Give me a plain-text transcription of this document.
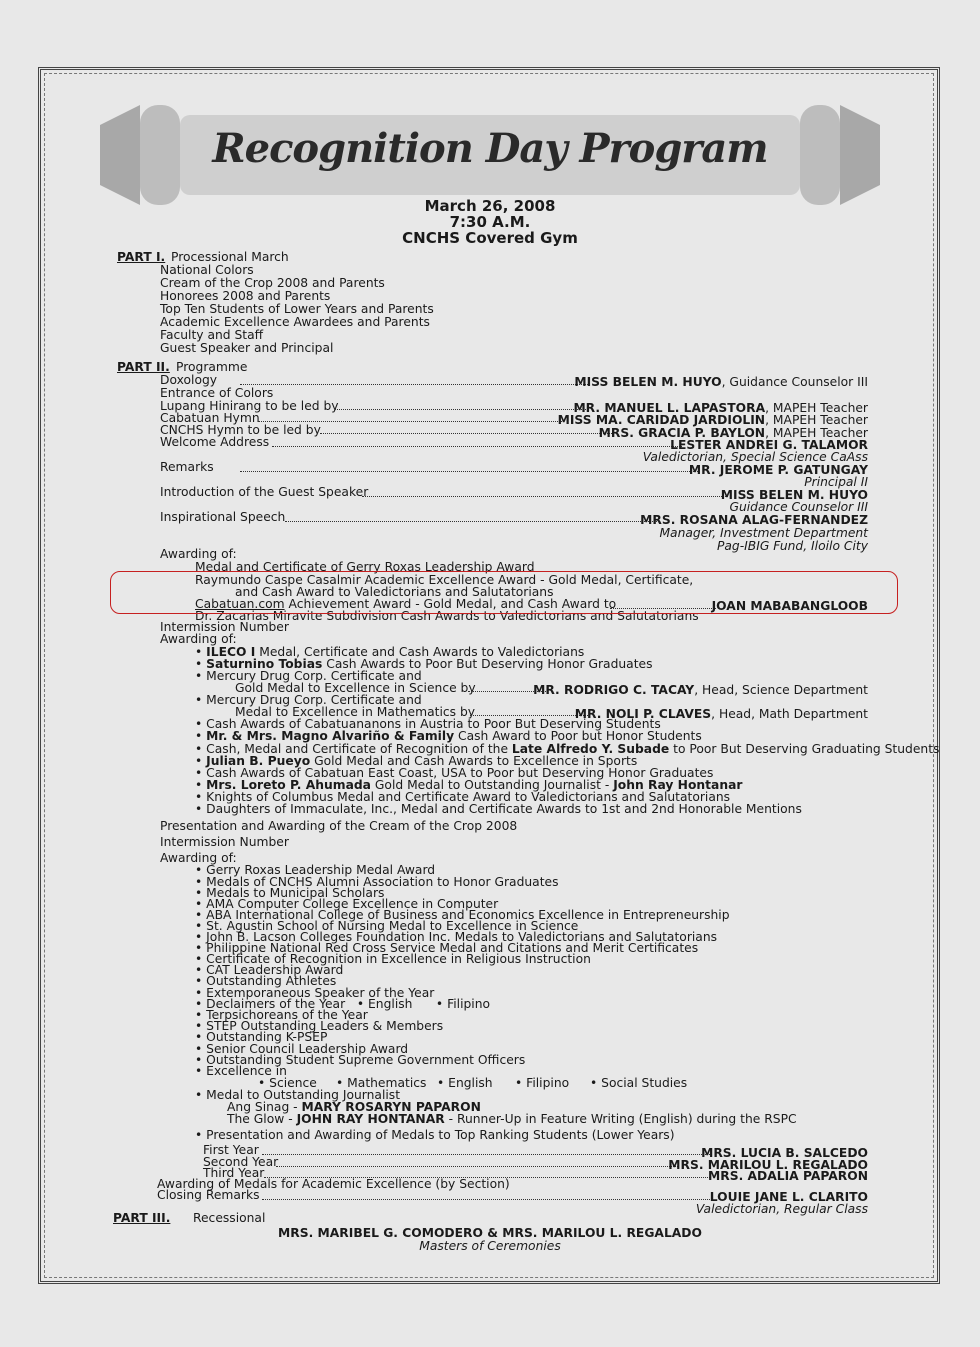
Recognition Day Program
March 26, 2008
7:30 A.M.
CNCHS Covered Gym
PART I. Processional March
National Colors
Cream of the Crop 2008 and Parents
Honorees 2008 and Parents
Top Ten Students of Lower Years and Parents
Academic Excellence Awardees and Parents
Faculty and Staff
Guest Speaker and Principal
PART II. Programme
Doxology	MISS BELEN M. HUYO, Guidance Counselor III
Entrance of Colors
Lupang Hinirang to be led by	MR. MANUEL L. LAPASTORA, MAPEH Teacher
Cabatuan Hymn	MISS MA. CARIDAD JARDIOLIN, MAPEH Teacher
CNCHS Hymn to be led by	MRS. GRACIA P. BAYLON, MAPEH Teacher
Welcome Address	LESTER ANDREI G. TALAMOR
Valedictorian, Special Science CaAss
Remarks	MR. JEROME P. GATUNGAY
Principal II
Introduction of the Guest Speaker	MISS BELEN M. HUYO
Guidance Counselor III
Inspirational Speech	MRS. ROSANA ALAG-FERNANDEZ
Manager, Investment Department
Pag-IBIG Fund, Iloilo City
Awarding of:
Medal and Certificate of Gerry Roxas Leadership Award
Raymundo Caspe Casalmir Academic Excellence Award - Gold Medal, Certificate,
and Cash Award to Valedictorians and Salutatorians
Cabatuan.com Achievement Award - Gold Medal, and Cash Award to	JOAN MABABANGLOOB
Dr. Zacarias Miravite Subdivision Cash Awards to Valedictorians and Salutatorians
Intermission Number
Awarding of:
• ILECO I Medal, Certificate and Cash Awards to Valedictorians
• Saturnino Tobias Cash Awards to Poor But Deserving Honor Graduates
• Mercury Drug Corp. Certificate and
Gold Medal to Excellence in Science by	MR. RODRIGO C. TACAY, Head, Science Department
• Mercury Drug Corp. Certificate and
Medal to Excellence in Mathematics by	MR. NOLI P. CLAVES, Head, Math Department
• Cash Awards of Cabatuananons in Austria to Poor But Deserving Students
• Mr. & Mrs. Magno Alvariño & Family Cash Award to Poor but Honor Students
• Cash, Medal and Certificate of Recognition of the Late Alfredo Y. Subade to Poor But Deserving Graduating Students
• Julian B. Pueyo Gold Medal and Cash Awards to Excellence in Sports
• Cash Awards of Cabatuan East Coast, USA to Poor but Deserving Honor Graduates
• Mrs. Loreto P. Ahumada Gold Medal to Outstanding Journalist - John Ray Hontanar
• Knights of Columbus Medal and Certificate Award to Valedictorians and Salutatorians
• Daughters of Immaculate, Inc., Medal and Certificate Awards to 1st and 2nd Honorable Mentions
Presentation and Awarding of the Cream of the Crop 2008
Intermission Number
Awarding of:
• Gerry Roxas Leadership Medal Award
• Medals of CNCHS Alumni Association to Honor Graduates
• Medals to Municipal Scholars
• AMA Computer College Excellence in Computer
• ABA International College of Business and Economics Excellence in Entrepreneurship
• St. Agustin School of Nursing Medal to Excellence in Science
• John B. Lacson Colleges Foundation Inc. Medals to Valedictorians and Salutatorians
• Philippine National Red Cross Service Medal and Citations and Merit Certificates
• Certificate of Recognition in Excellence in Religious Instruction
• CAT Leadership Award
• Outstanding Athletes
• Extemporaneous Speaker of the Year
• Declaimers of the Year   • English      • Filipino
• Terpsichoreans of the Year
• STEP Outstanding Leaders & Members
• Outstanding K-PSEP
• Senior Council Leadership Award
• Outstanding Student Supreme Government Officers
• Excellence in
• Science • Mathematics • English • Filipino • Social Studies
• Medal to Outstanding Journalist
Ang Sinag - MARY ROSARYN PAPARON
The Glow - JOHN RAY HONTANAR - Runner-Up in Feature Writing (English) during the RSPC
• Presentation and Awarding of Medals to Top Ranking Students (Lower Years)
First Year	MRS. LUCIA B. SALCEDO
Second Year	MRS. MARILOU L. REGALADO
Third Year	MRS. ADALIA PAPARON
Awarding of Medals for Academic Excellence (by Section)
Closing Remarks	LOUIE JANE L. CLARITO
Valedictorian, Regular Class
PART III. Recessional
MRS. MARIBEL G. COMODERO & MRS. MARILOU L. REGALADO
Masters of Ceremonies
